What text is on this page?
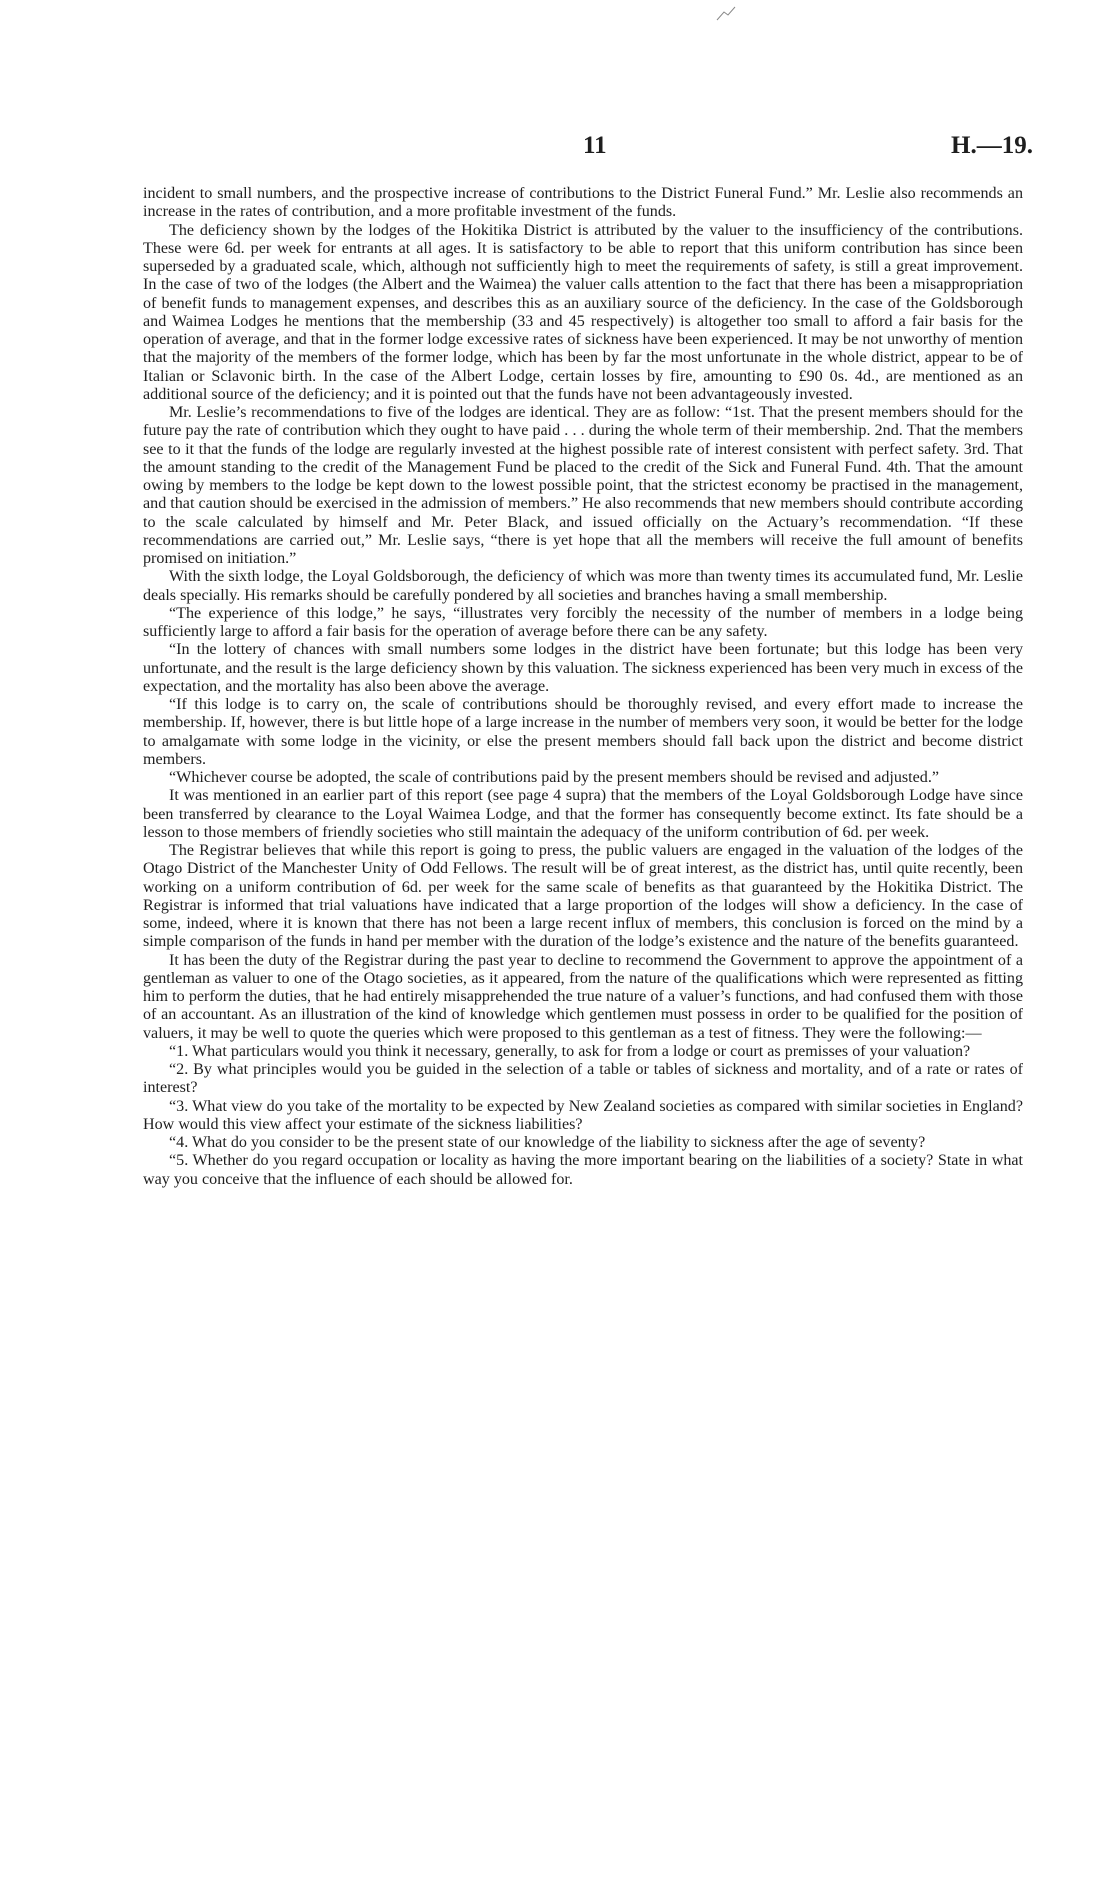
11	H.—19.

incident to small numbers, and the prospective increase of contributions to the District Funeral Fund.” Mr. Leslie also recommends an increase in the rates of contribution, and a more profitable investment of the funds.

The deficiency shown by the lodges of the Hokitika District is attributed by the valuer to the insufficiency of the contributions. These were 6d. per week for entrants at all ages. It is satisfactory to be able to report that this uniform contribution has since been superseded by a graduated scale, which, although not sufficiently high to meet the requirements of safety, is still a great improvement. In the case of two of the lodges (the Albert and the Waimea) the valuer calls attention to the fact that there has been a misappropriation of benefit funds to management expenses, and describes this as an auxiliary source of the deficiency. In the case of the Goldsborough and Waimea Lodges he mentions that the membership (33 and 45 respectively) is altogether too small to afford a fair basis for the operation of average, and that in the former lodge excessive rates of sickness have been experienced. It may be not unworthy of mention that the majority of the members of the former lodge, which has been by far the most unfortunate in the whole district, appear to be of Italian or Sclavonic birth. In the case of the Albert Lodge, certain losses by fire, amounting to £90 0s. 4d., are mentioned as an additional source of the deficiency; and it is pointed out that the funds have not been advantageously invested.

Mr. Leslie’s recommendations to five of the lodges are identical. They are as follow: “1st. That the present members should for the future pay the rate of contribution which they ought to have paid . . . during the whole term of their membership. 2nd. That the members see to it that the funds of the lodge are regularly invested at the highest possible rate of interest consistent with perfect safety. 3rd. That the amount standing to the credit of the Management Fund be placed to the credit of the Sick and Funeral Fund. 4th. That the amount owing by members to the lodge be kept down to the lowest possible point, that the strictest economy be practised in the management, and that caution should be exercised in the admission of members.” He also recommends that new members should contribute according to the scale calculated by himself and Mr. Peter Black, and issued officially on the Actuary’s recommendation. “If these recommendations are carried out,” Mr. Leslie says, “there is yet hope that all the members will receive the full amount of benefits promised on initiation.”

With the sixth lodge, the Loyal Goldsborough, the deficiency of which was more than twenty times its accumulated fund, Mr. Leslie deals specially. His remarks should be carefully pondered by all societies and branches having a small membership.

“The experience of this lodge,” he says, “illustrates very forcibly the necessity of the number of members in a lodge being sufficiently large to afford a fair basis for the operation of average before there can be any safety.

“In the lottery of chances with small numbers some lodges in the district have been fortunate; but this lodge has been very unfortunate, and the result is the large deficiency shown by this valuation. The sickness experienced has been very much in excess of the expectation, and the mortality has also been above the average.

“If this lodge is to carry on, the scale of contributions should be thoroughly revised, and every effort made to increase the membership. If, however, there is but little hope of a large increase in the number of members very soon, it would be better for the lodge to amalgamate with some lodge in the vicinity, or else the present members should fall back upon the district and become district members.

“Whichever course be adopted, the scale of contributions paid by the present members should be revised and adjusted.”

It was mentioned in an earlier part of this report (see page 4 supra) that the members of the Loyal Goldsborough Lodge have since been transferred by clearance to the Loyal Waimea Lodge, and that the former has consequently become extinct. Its fate should be a lesson to those members of friendly societies who still maintain the adequacy of the uniform contribution of 6d. per week.

The Registrar believes that while this report is going to press, the public valuers are engaged in the valuation of the lodges of the Otago District of the Manchester Unity of Odd Fellows. The result will be of great interest, as the district has, until quite recently, been working on a uniform contribution of 6d. per week for the same scale of benefits as that guaranteed by the Hokitika District. The Registrar is informed that trial valuations have indicated that a large proportion of the lodges will show a deficiency. In the case of some, indeed, where it is known that there has not been a large recent influx of members, this conclusion is forced on the mind by a simple comparison of the funds in hand per member with the duration of the lodge’s existence and the nature of the benefits guaranteed.

It has been the duty of the Registrar during the past year to decline to recommend the Government to approve the appointment of a gentleman as valuer to one of the Otago societies, as it appeared, from the nature of the qualifications which were represented as fitting him to perform the duties, that he had entirely misapprehended the true nature of a valuer’s functions, and had confused them with those of an accountant. As an illustration of the kind of knowledge which gentlemen must possess in order to be qualified for the position of valuers, it may be well to quote the queries which were proposed to this gentleman as a test of fitness. They were the following:—

“1. What particulars would you think it necessary, generally, to ask for from a lodge or court as premisses of your valuation?

“2. By what principles would you be guided in the selection of a table or tables of sickness and mortality, and of a rate or rates of interest?

“3. What view do you take of the mortality to be expected by New Zealand societies as compared with similar societies in England? How would this view affect your estimate of the sickness liabilities?

“4. What do you consider to be the present state of our knowledge of the liability to sickness after the age of seventy?

“5. Whether do you regard occupation or locality as having the more important bearing on the liabilities of a society? State in what way you conceive that the influence of each should be allowed for.
